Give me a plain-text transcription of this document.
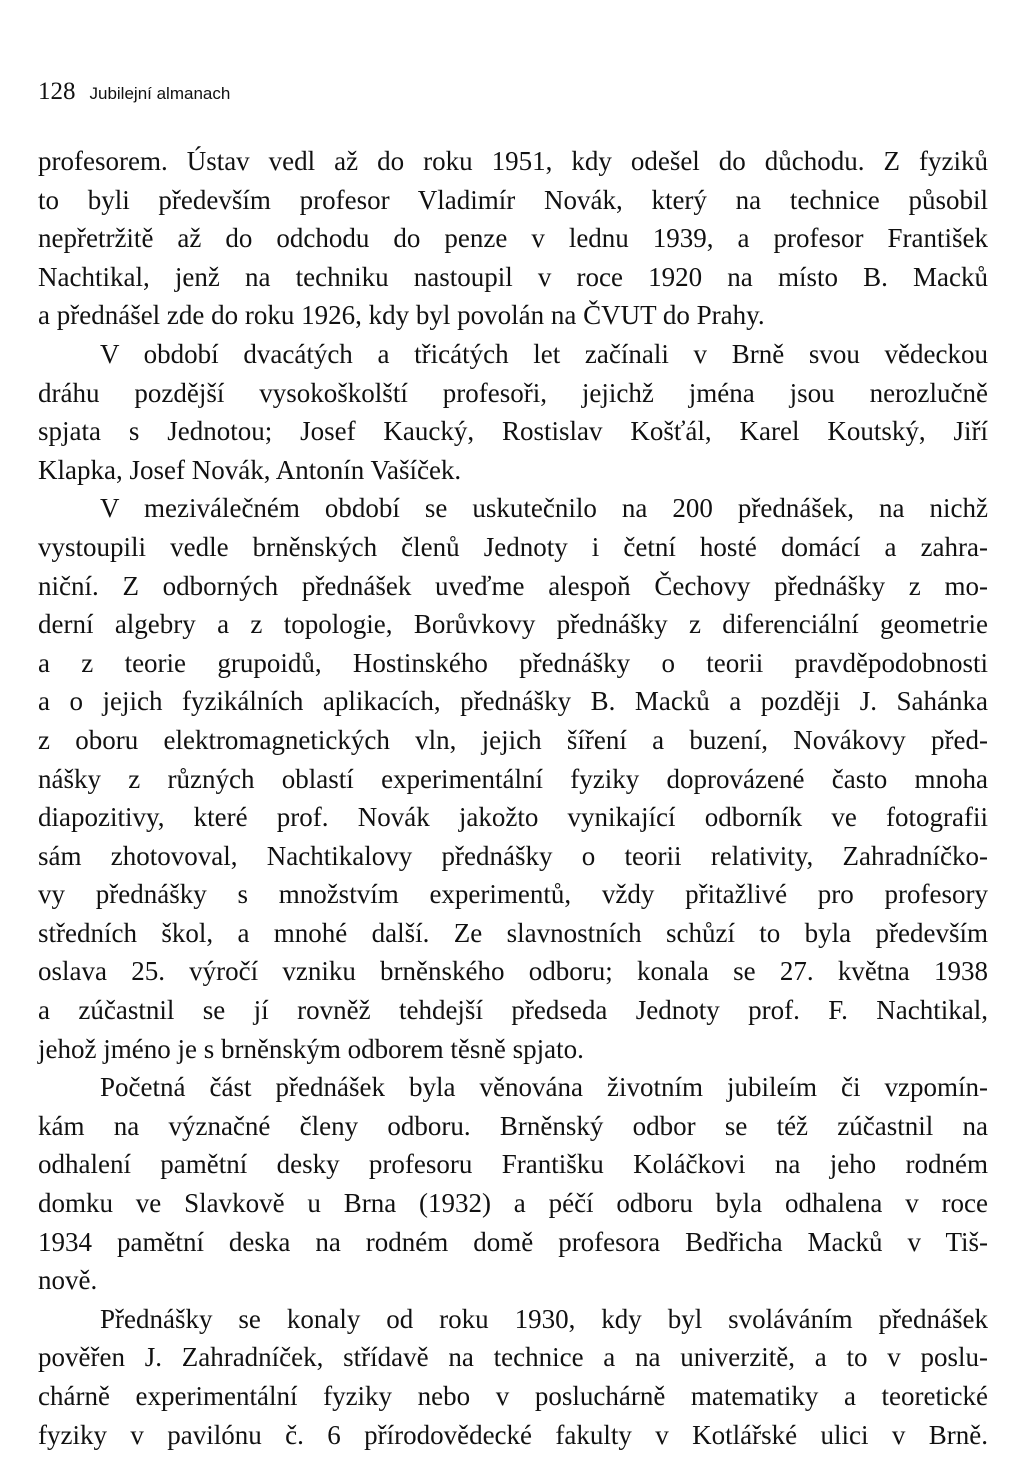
128 Jubilejní almanach
profesorem. Ústav vedl až do roku 1951, kdy odešel do důchodu. Z fyziků
to byli především profesor Vladimír Novák, který na technice působil
nepřetržitě až do odchodu do penze v lednu 1939, a profesor František
Nachtikal, jenž na techniku nastoupil v roce 1920 na místo B. Macků
a přednášel zde do roku 1926, kdy byl povolán na ČVUT do Prahy.
V období dvacátých a třicátých let začínali v Brně svou vědeckou
dráhu pozdější vysokoškolští profesoři, jejichž jména jsou nerozlučně
spjata s Jednotou; Josef Kaucký, Rostislav Košťál, Karel Koutský, Jiří
Klapka, Josef Novák, Antonín Vašíček.
V meziválečném období se uskutečnilo na 200 přednášek, na nichž
vystoupili vedle brněnských členů Jednoty i četní hosté domácí a zahra-
niční. Z odborných přednášek uveďme alespoň Čechovy přednášky z mo-
derní algebry a z topologie, Borůvkovy přednášky z diferenciální geometrie
a z teorie grupoidů, Hostinského přednášky o teorii pravděpodobnosti
a o jejich fyzikálních aplikacích, přednášky B. Macků a později J. Sahánka
z oboru elektromagnetických vln, jejich šíření a buzení, Novákovy před-
nášky z různých oblastí experimentální fyziky doprovázené často mnoha
diapozitivy, které prof. Novák jakožto vynikající odborník ve fotografii
sám zhotovoval, Nachtikalovy přednášky o teorii relativity, Zahradníčko-
vy přednášky s množstvím experimentů, vždy přitažlivé pro profesory
středních škol, a mnohé další. Ze slavnostních schůzí to byla především
oslava 25. výročí vzniku brněnského odboru; konala se 27. května 1938
a zúčastnil se jí rovněž tehdejší předseda Jednoty prof. F. Nachtikal,
jehož jméno je s brněnským odborem těsně spjato.
Početná část přednášek byla věnována životním jubileím či vzpomín-
kám na význačné členy odboru. Brněnský odbor se též zúčastnil na
odhalení pamětní desky profesoru Františku Koláčkovi na jeho rodném
domku ve Slavkově u Brna (1932) a péčí odboru byla odhalena v roce
1934 pamětní deska na rodném domě profesora Bedřicha Macků v Tiš-
nově.
Přednášky se konaly od roku 1930, kdy byl svoláváním přednášek
pověřen J. Zahradníček, střídavě na technice a na univerzitě, a to v poslu-
chárně experimentální fyziky nebo v posluchárně matematiky a teoretické
fyziky v pavilónu č. 6 přírodovědecké fakulty v Kotlářské ulici v Brně.
